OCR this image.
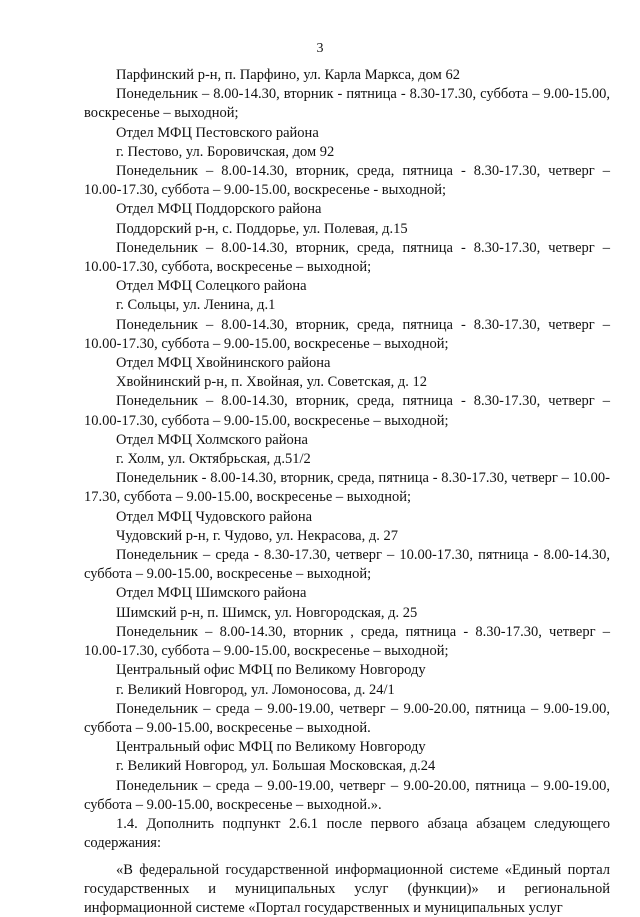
3

Парфинский р-н, п. Парфино, ул. Карла Маркса, дом 62

Понедельник – 8.00-14.30, вторник - пятница - 8.30-17.30, суббота – 9.00-15.00, воскресенье – выходной;

Отдел МФЦ Пестовского района

г. Пестово, ул. Боровичская, дом 92

Понедельник – 8.00-14.30, вторник, среда, пятница - 8.30-17.30, четверг – 10.00-17.30, суббота – 9.00-15.00, воскресенье - выходной;

Отдел МФЦ Поддорского района

Поддорский р-н, с. Поддорье, ул. Полевая, д.15

Понедельник – 8.00-14.30, вторник, среда, пятница - 8.30-17.30, четверг – 10.00-17.30, суббота, воскресенье – выходной;

Отдел МФЦ Солецкого района

г. Сольцы, ул. Ленина, д.1

Понедельник – 8.00-14.30, вторник, среда, пятница - 8.30-17.30, четверг – 10.00-17.30, суббота – 9.00-15.00, воскресенье – выходной;

Отдел МФЦ Хвойнинского района

Хвойнинский р-н, п. Хвойная, ул. Советская, д. 12

Понедельник – 8.00-14.30, вторник, среда, пятница - 8.30-17.30, четверг – 10.00-17.30, суббота – 9.00-15.00, воскресенье – выходной;

Отдел МФЦ Холмского района

г. Холм, ул. Октябрьская, д.51/2

Понедельник - 8.00-14.30, вторник, среда, пятница - 8.30-17.30, четверг – 10.00-17.30, суббота – 9.00-15.00, воскресенье – выходной;

Отдел МФЦ Чудовского района

Чудовский р-н, г. Чудово, ул. Некрасова, д. 27

Понедельник – среда - 8.30-17.30, четверг – 10.00-17.30, пятница - 8.00-14.30, суббота – 9.00-15.00, воскресенье – выходной;

Отдел МФЦ Шимского района

Шимский р-н, п. Шимск, ул. Новгородская, д. 25

Понедельник – 8.00-14.30, вторник , среда, пятница - 8.30-17.30, четверг – 10.00-17.30, суббота – 9.00-15.00, воскресенье – выходной;

Центральный офис МФЦ по Великому Новгороду

г. Великий Новгород, ул. Ломоносова, д. 24/1

Понедельник – среда – 9.00-19.00, четверг – 9.00-20.00, пятница – 9.00-19.00, суббота – 9.00-15.00, воскресенье – выходной.

Центральный офис МФЦ по Великому Новгороду

г. Великий Новгород, ул. Большая Московская, д.24

Понедельник – среда – 9.00-19.00, четверг – 9.00-20.00, пятница – 9.00-19.00, суббота – 9.00-15.00, воскресенье – выходной.».

1.4. Дополнить подпункт 2.6.1 после первого абзаца абзацем следующего содержания:

«В федеральной государственной информационной системе «Единый портал государственных и муниципальных услуг (функции)» и региональной информационной системе «Портал государственных и муниципальных услуг
